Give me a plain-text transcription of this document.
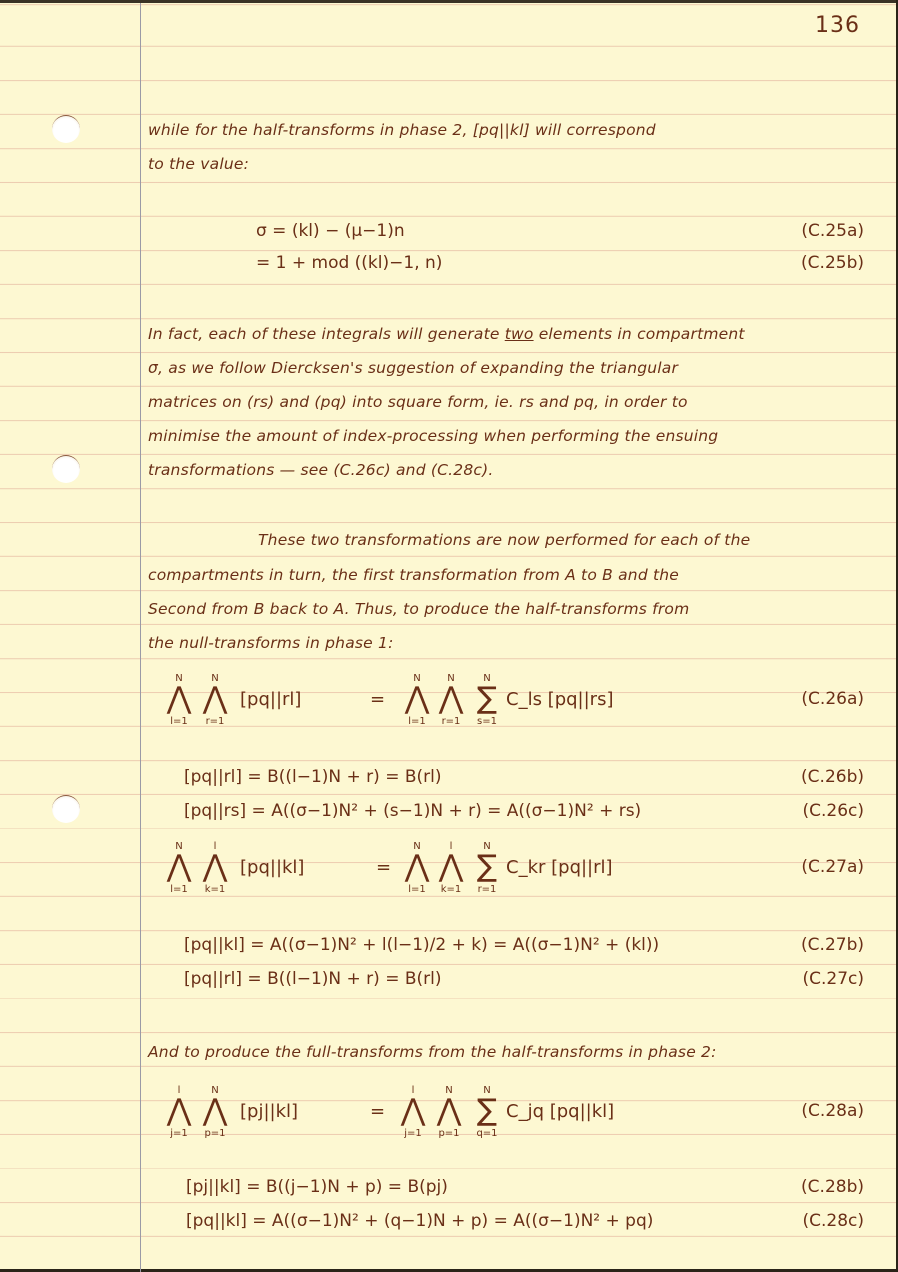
136
while for the half-transforms in phase 2, [pq||kl] will correspond
to the value:
σ = (kl) − (μ−1)n	(C.25a)
= 1 + mod ((kl)−1, n)	(C.25b)
In fact, each of these integrals will generate two elements in compartment
σ, as we follow Diercksen's suggestion of expanding the triangular
matrices on (rs) and (pq) into square form, ie. rs and pq, in order to
minimise the amount of index-processing when performing the ensuing
transformations — see (C.26c) and (C.28c).
These two transformations are now performed for each of the
compartments in turn, the first transformation from A to B and the
Second from B back to A. Thus, to produce the half-transforms from
the null-transforms in phase 1:
N
⋀
l=1
N
⋀
r=1
[pq||rl]	=
N
⋀
l=1
N
⋀
r=1
N
∑
s=1
C_ls [pq||rs]	(C.26a)
[pq||rl] = B((l−1)N + r) = B(rl)	(C.26b)
[pq||rs] = A((σ−1)N² + (s−1)N + r) = A((σ−1)N² + rs)	(C.26c)
N
⋀
l=1
l
⋀
k=1
[pq||kl]	=
N
⋀
l=1
l
⋀
k=1
N
∑
r=1
C_kr [pq||rl]	(C.27a)
[pq||kl] = A((σ−1)N² + l(l−1)/2 + k) = A((σ−1)N² + (kl))	(C.27b)
[pq||rl] = B((l−1)N + r) = B(rl)	(C.27c)
And to produce the full-transforms from the half-transforms in phase 2:
l
⋀
j=1
N
⋀
p=1
[pj||kl]	=
l
⋀
j=1
N
⋀
p=1
N
∑
q=1
C_jq [pq||kl]	(C.28a)
[pj||kl] = B((j−1)N + p) = B(pj)	(C.28b)
[pq||kl] = A((σ−1)N² + (q−1)N + p) = A((σ−1)N² + pq)	(C.28c)
